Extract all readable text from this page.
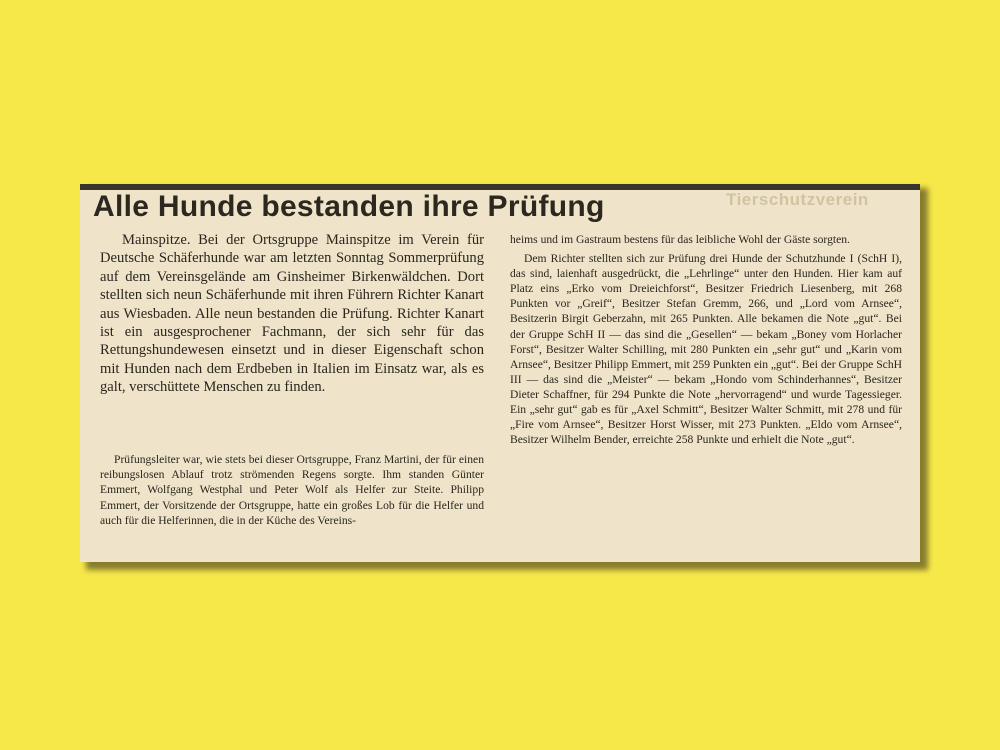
Tierschutzverein
Alle Hunde bestanden ihre Prüfung

Mainspitze. Bei der Ortsgruppe Mainspitze im Verein für Deutsche Schäferhunde war am letzten Sonntag Sommerprüfung auf dem Vereinsgelände am Ginsheimer Birkenwäldchen. Dort stellten sich neun Schäferhunde mit ihren Führern Richter Kanart aus Wiesbaden. Alle neun bestanden die Prüfung. Richter Kanart ist ein ausgesprochener Fachmann, der sich sehr für das Rettungshundewesen einsetzt und in dieser Eigenschaft schon mit Hunden nach dem Erdbeben in Italien im Einsatz war, als es galt, verschüttete Menschen zu finden.

Prüfungsleiter war, wie stets bei dieser Ortsgruppe, Franz Martini, der für einen reibungslosen Ablauf trotz strömenden Regens sorgte. Ihm standen Günter Emmert, Wolfgang Westphal und Peter Wolf als Helfer zur Steite. Philipp Emmert, der Vorsitzende der Ortsgruppe, hatte ein großes Lob für die Helfer und auch für die Helferinnen, die in der Küche des Vereins-

heims und im Gastraum bestens für das leibliche Wohl der Gäste sorgten.

Dem Richter stellten sich zur Prüfung drei Hunde der Schutzhunde I (SchH I), das sind, laienhaft ausgedrückt, die „Lehrlinge“ unter den Hunden. Hier kam auf Platz eins „Erko vom Dreieichforst“, Besitzer Friedrich Liesenberg, mit 268 Punkten vor „Greif“, Besitzer Stefan Gremm, 266, und „Lord vom Arnsee“, Besitzerin Birgit Geberzahn, mit 265 Punkten. Alle bekamen die Note „gut“. Bei der Gruppe SchH II — das sind die „Gesellen“ — bekam „Boney vom Horlacher Forst“, Besitzer Walter Schilling, mit 280 Punkten ein „sehr gut“ und „Karin vom Arnsee“, Besitzer Philipp Emmert, mit 259 Punkten ein „gut“. Bei der Gruppe SchH III — das sind die „Meister“ — bekam „Hondo vom Schinderhannes“, Besitzer Dieter Schaffner, für 294 Punkte die Note „hervorragend“ und wurde Tagessieger. Ein „sehr gut“ gab es für „Axel Schmitt“, Besitzer Walter Schmitt, mit 278 und für „Fire vom Arnsee“, Besitzer Horst Wisser, mit 273 Punkten. „Eldo vom Arnsee“, Besitzer Wilhelm Bender, erreichte 258 Punkte und erhielt die Note „gut“.
